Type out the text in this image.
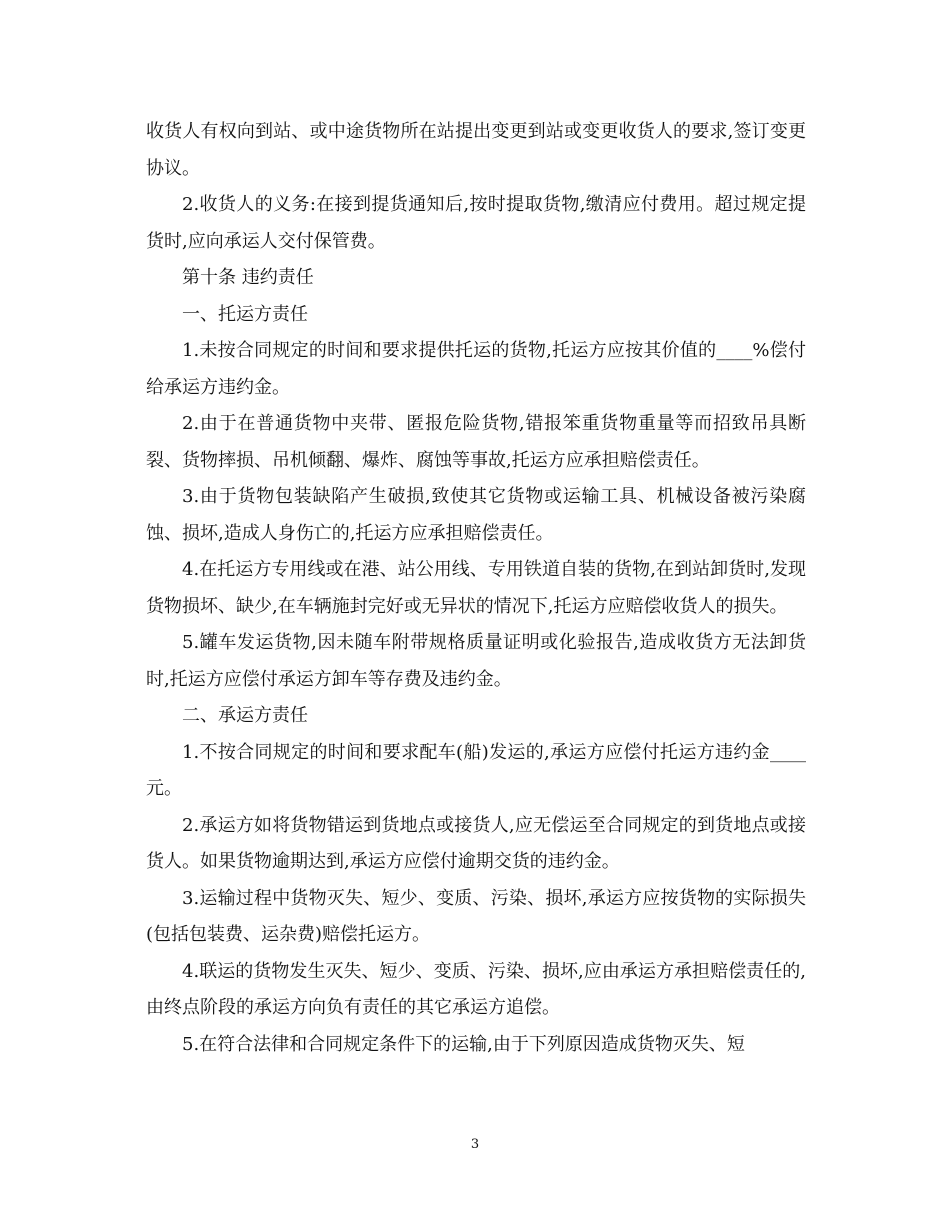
收货人有权向到站、或中途货物所在站提出变更到站或变更收货人的要求,签订变更协议。

2.收货人的义务:在接到提货通知后,按时提取货物,缴清应付费用。超过规定提货时,应向承运人交付保管费。

第十条 违约责任

一、托运方责任

1.未按合同规定的时间和要求提供托运的货物,托运方应按其价值的____%偿付给承运方违约金。

2.由于在普通货物中夹带、匿报危险货物,错报笨重货物重量等而招致吊具断裂、货物摔损、吊机倾翻、爆炸、腐蚀等事故,托运方应承担赔偿责任。

3.由于货物包装缺陷产生破损,致使其它货物或运输工具、机械设备被污染腐蚀、损坏,造成人身伤亡的,托运方应承担赔偿责任。

4.在托运方专用线或在港、站公用线、专用铁道自装的货物,在到站卸货时,发现货物损坏、缺少,在车辆施封完好或无异状的情况下,托运方应赔偿收货人的损失。

5.罐车发运货物,因未随车附带规格质量证明或化验报告,造成收货方无法卸货时,托运方应偿付承运方卸车等存费及违约金。

二、承运方责任

1.不按合同规定的时间和要求配车(船)发运的,承运方应偿付托运方违约金____元。

2.承运方如将货物错运到货地点或接货人,应无偿运至合同规定的到货地点或接货人。如果货物逾期达到,承运方应偿付逾期交货的违约金。

3.运输过程中货物灭失、短少、变质、污染、损坏,承运方应按货物的实际损失(包括包装费、运杂费)赔偿托运方。

4.联运的货物发生灭失、短少、变质、污染、损坏,应由承运方承担赔偿责任的,由终点阶段的承运方向负有责任的其它承运方追偿。

5.在符合法律和合同规定条件下的运输,由于下列原因造成货物灭失、短

3
